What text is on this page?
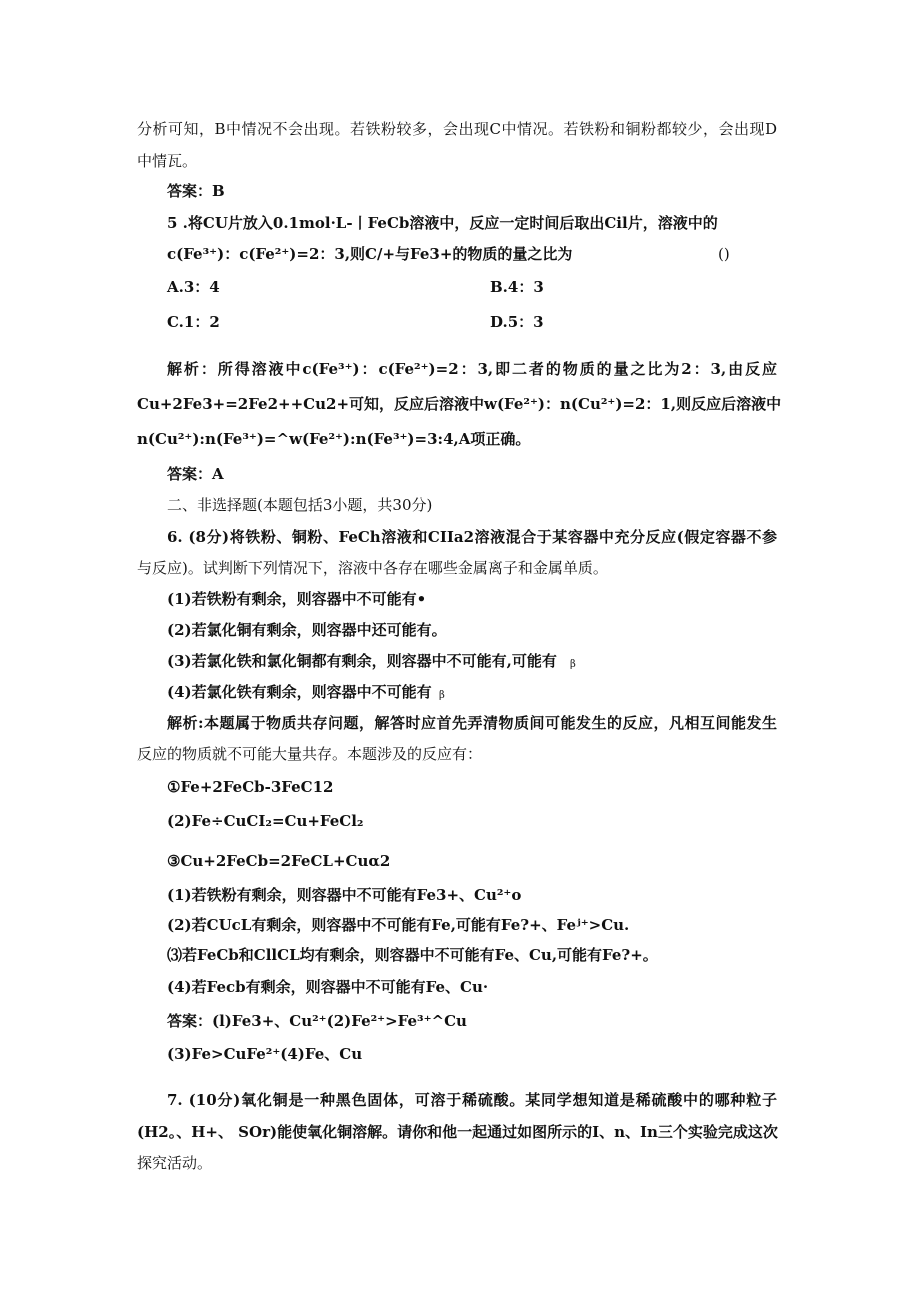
分析可知，B中情况不会出现。若铁粉较多，会出现C中情况。若铁粉和铜粉都较少，会出现D
中情瓦。
答案：B
5 .将CU片放入0.1mol·L-丨FeCb溶液中，反应一定时间后取出Cil片，溶液中的
c(Fe³⁺)：c(Fe²⁺)=2：3,则C/+与Fe3+的物质的量之比为	()
A.3：4	B.4：3
C.1：2	D.5：3
解析：所得溶液中c(Fe³⁺)：c(Fe²⁺)=2：3,即二者的物质的量之比为2：3,由反应
Cu+2Fe3+=2Fe2++Cu2+可知，反应后溶液中w(Fe²⁺)：n(Cu²⁺)=2：1,则反应后溶液中
n(Cu²⁺):n(Fe³⁺)=^w(Fe²⁺):n(Fe³⁺)=3:4,A项正确。
答案：A
二、非选择题(本题包括3小题，共30分)
6. (8分)将铁粉、铜粉、FeCh溶液和CIIa2溶液混合于某容器中充分反应(假定容器不参
与反应)。试判断下列情况下，溶液中各存在哪些金属离子和金属单质。
(1)若铁粉有剩余，则容器中不可能有•
(2)若氯化铜有剩余，则容器中还可能有。
(3)若氯化铁和氯化铜都有剩余，则容器中不可能有,可能有 β
(4)若氯化铁有剩余，则容器中不可能有 β
解析:本题属于物质共存问题，解答时应首先弄清物质间可能发生的反应，凡相互间能发生
反应的物质就不可能大量共存。本题涉及的反应有：
①Fe+2FeCb-3FeC12
(2)Fe÷CuCI₂=Cu+FeCl₂
③Cu+2FeCb=2FeCL+Cuα2
(1)若铁粉有剩余，则容器中不可能有Fe3+、Cu²⁺o
(2)若CUcL有剩余，则容器中不可能有Fe,可能有Fe?+、Feʲ⁺>Cu.
⑶若FeCb和CllCL均有剩余，则容器中不可能有Fe、Cu,可能有Fe?+。
(4)若Fecb有剩余，则容器中不可能有Fe、Cu·
答案：(l)Fe3+、Cu²⁺(2)Fe²⁺>Fe³⁺^Cu
(3)Fe>CuFe²⁺(4)Fe、Cu
7. (10分)氧化铜是一种黑色固体，可溶于稀硫酸。某同学想知道是稀硫酸中的哪种粒子
(H2。、H+、 SOr)能使氧化铜溶解。请你和他一起通过如图所示的I、n、In三个实验完成这次
探究活动。
